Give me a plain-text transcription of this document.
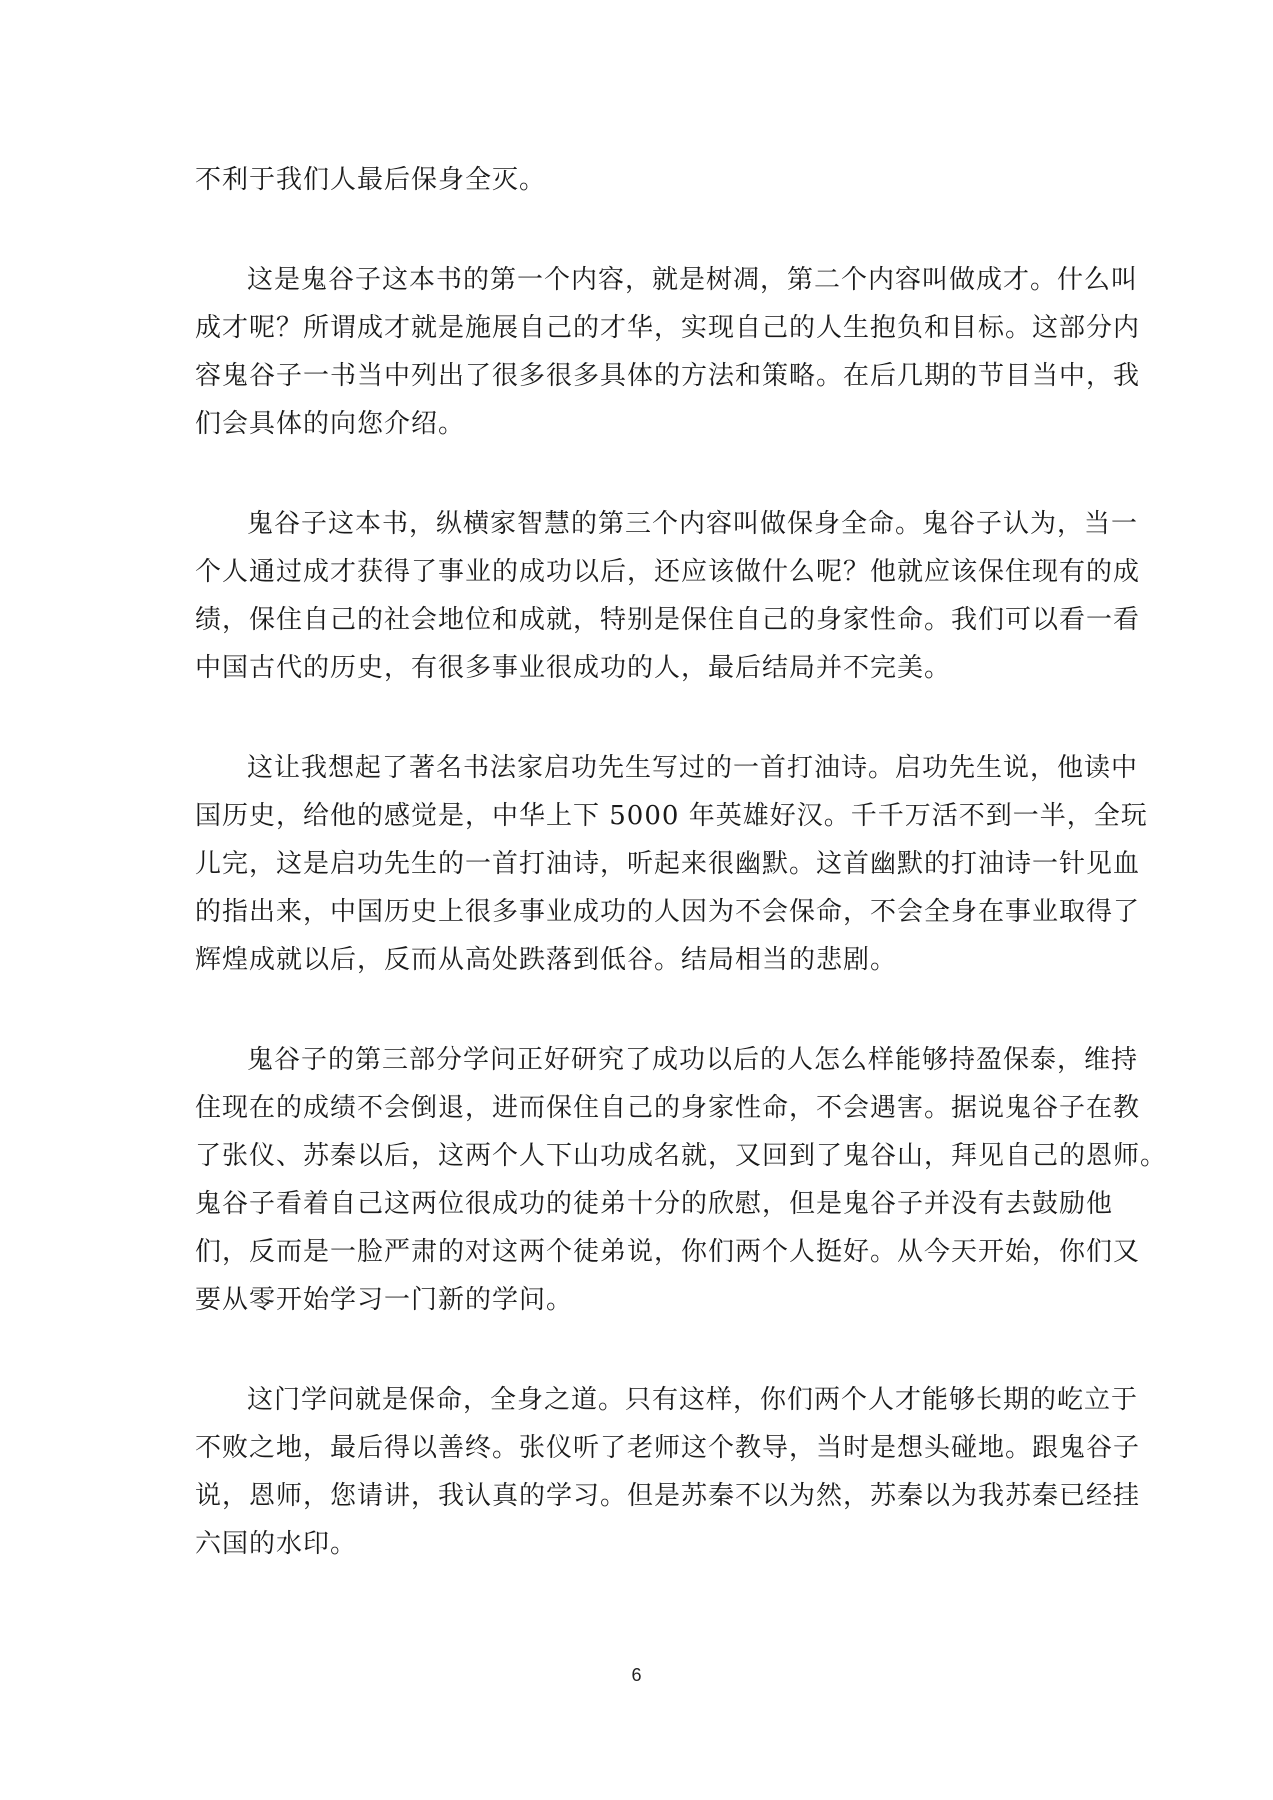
不利于我们人最后保身全灭。
这是鬼谷子这本书的第一个内容，就是树凋，第二个内容叫做成才。什么叫
成才呢？所谓成才就是施展自己的才华，实现自己的人生抱负和目标。这部分内
容鬼谷子一书当中列出了很多很多具体的方法和策略。在后几期的节目当中，我
们会具体的向您介绍。
鬼谷子这本书，纵横家智慧的第三个内容叫做保身全命。鬼谷子认为，当一
个人通过成才获得了事业的成功以后，还应该做什么呢？他就应该保住现有的成
绩，保住自己的社会地位和成就，特别是保住自己的身家性命。我们可以看一看
中国古代的历史，有很多事业很成功的人，最后结局并不完美。
这让我想起了著名书法家启功先生写过的一首打油诗。启功先生说，他读中
国历史，给他的感觉是，中华上下 5000 年英雄好汉。千千万活不到一半，全玩
儿完，这是启功先生的一首打油诗，听起来很幽默。这首幽默的打油诗一针见血
的指出来，中国历史上很多事业成功的人因为不会保命，不会全身在事业取得了
辉煌成就以后，反而从高处跌落到低谷。结局相当的悲剧。
鬼谷子的第三部分学问正好研究了成功以后的人怎么样能够持盈保泰，维持
住现在的成绩不会倒退，进而保住自己的身家性命，不会遇害。据说鬼谷子在教
了张仪、苏秦以后，这两个人下山功成名就，又回到了鬼谷山，拜见自己的恩师。
鬼谷子看着自己这两位很成功的徒弟十分的欣慰，但是鬼谷子并没有去鼓励他
们，反而是一脸严肃的对这两个徒弟说，你们两个人挺好。从今天开始，你们又
要从零开始学习一门新的学问。
这门学问就是保命，全身之道。只有这样，你们两个人才能够长期的屹立于
不败之地，最后得以善终。张仪听了老师这个教导，当时是想头碰地。跟鬼谷子
说，恩师，您请讲，我认真的学习。但是苏秦不以为然，苏秦以为我苏秦已经挂
六国的水印。
6
